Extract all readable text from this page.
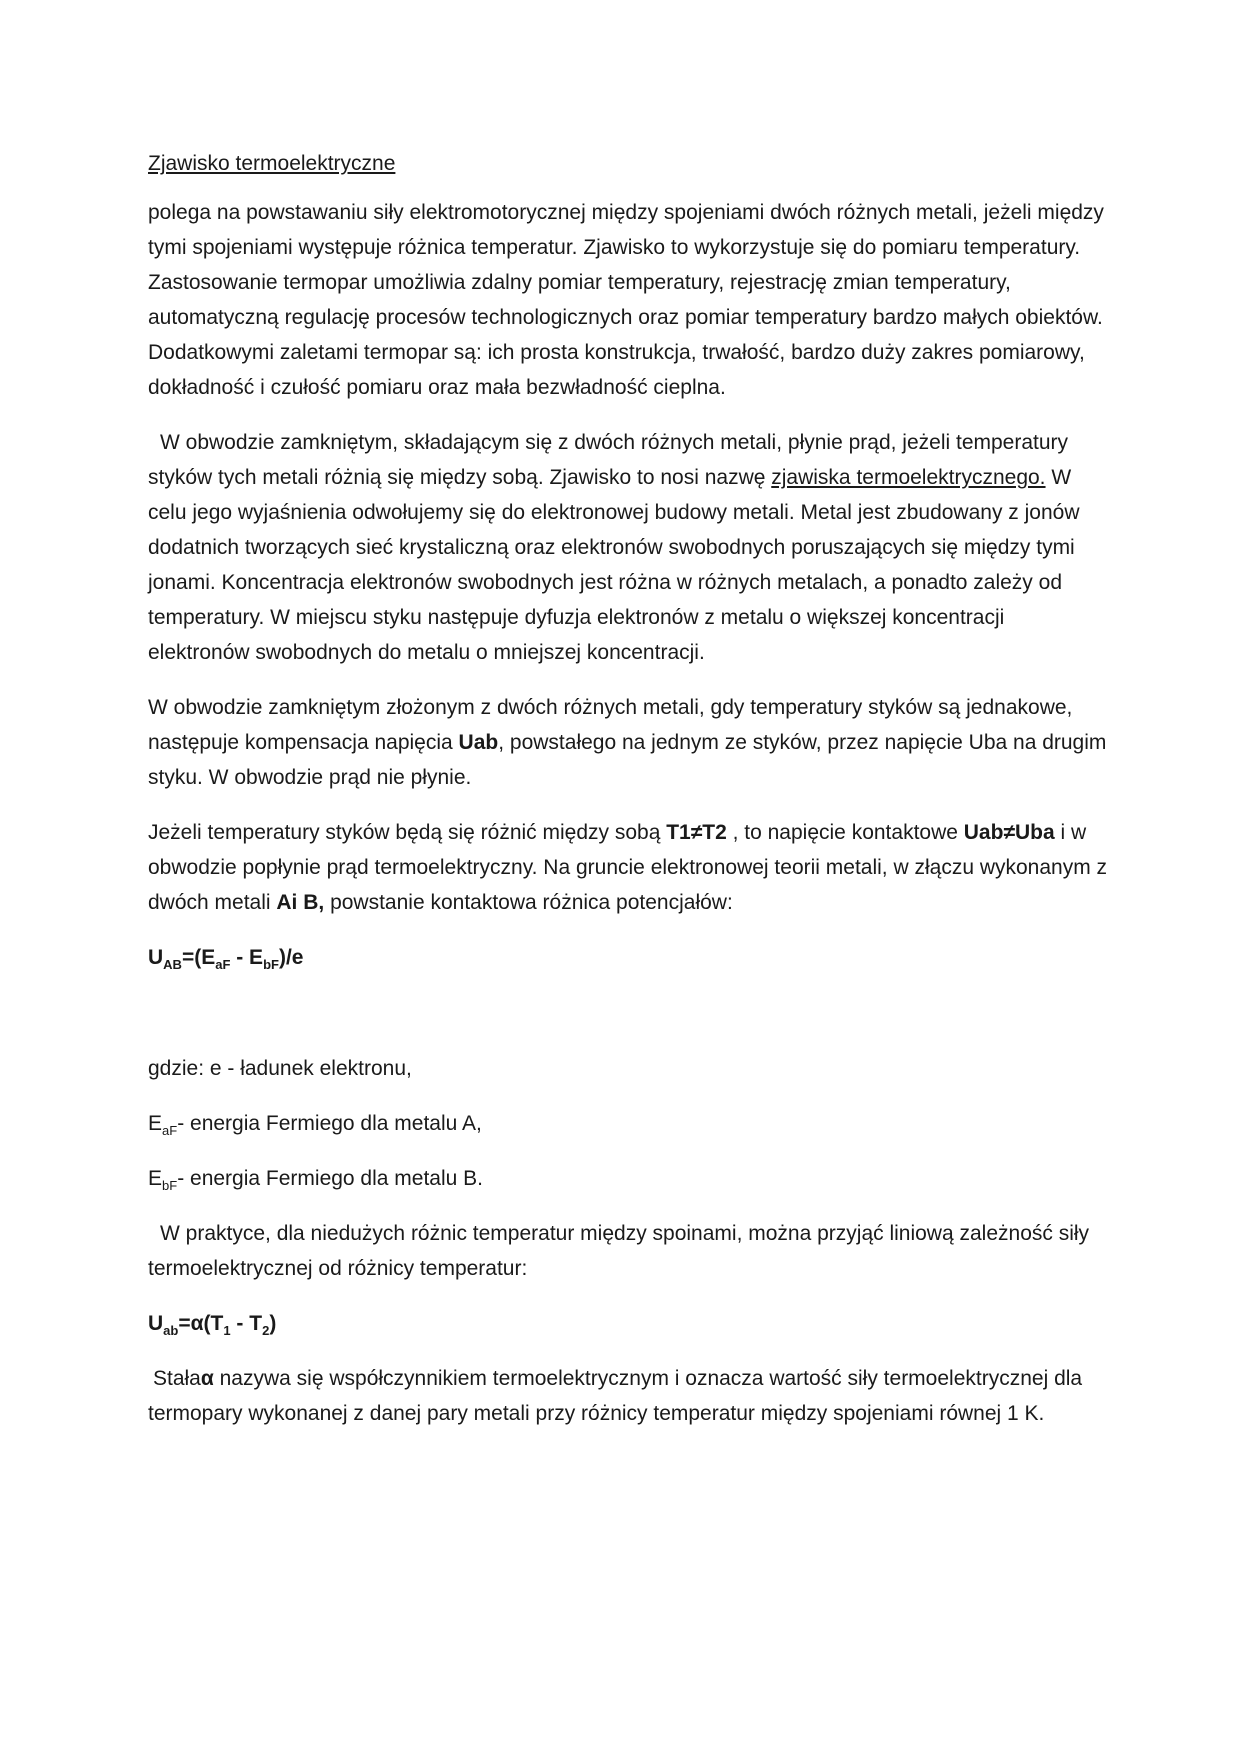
Zjawisko termoelektryczne

polega na powstawaniu siły elektromotorycznej między spojeniami dwóch różnych metali, jeżeli między tymi spojeniami występuje różnica temperatur. Zjawisko to wykorzystuje się do pomiaru temperatury. Zastosowanie termopar umożliwia zdalny pomiar temperatury, rejestrację zmian temperatury, automatyczną regulację procesów technologicznych oraz pomiar temperatury bardzo małych obiektów. Dodatkowymi zaletami termopar są: ich prosta konstrukcja, trwałość, bardzo duży zakres pomiarowy, dokładność i czułość pomiaru oraz mała bezwładność cieplna.

W obwodzie zamkniętym, składającym się z dwóch różnych metali, płynie prąd, jeżeli temperatury styków tych metali różnią się między sobą. Zjawisko to nosi nazwę zjawiska termoelektrycznego. W celu jego wyjaśnienia odwołujemy się do elektronowej budowy metali. Metal jest zbudowany z jonów dodatnich tworzących sieć krystaliczną oraz elektronów swobodnych poruszających się między tymi jonami. Koncentracja elektronów swobodnych jest różna w różnych metalach, a ponadto zależy od temperatury. W miejscu styku następuje dyfuzja elektronów z metalu o większej koncentracji elektronów swobodnych do metalu o mniejszej koncentracji.

W obwodzie zamkniętym złożonym z dwóch różnych metali, gdy temperatury styków są jednakowe, następuje kompensacja napięcia Uab, powstałego na jednym ze styków, przez napięcie Uba na drugim styku. W obwodzie prąd nie płynie.

Jeżeli temperatury styków będą się różnić między sobą T1≠T2 , to napięcie kontaktowe Uab≠Uba i w obwodzie popłynie prąd termoelektryczny. Na gruncie elektronowej teorii metali, w złączu wykonanym z dwóch metali Ai B, powstanie kontaktowa różnica potencjałów:

$U_{AB}=(E_{aF} - E_{bF})/e$

gdzie: e - ładunek elektronu,

$E_{aF}-$ energia Fermiego dla metalu A,

$E_{bF}-$ energia Fermiego dla metalu B.

W praktyce, dla niedużych różnic temperatur między spoinami, można przyjąć liniową zależność siły termoelektrycznej od różnicy temperatur:

$U_{ab}=\alpha(T_1 - T_2)$

Stałaα nazywa się współczynnikiem termoelektrycznym i oznacza wartość siły termoelektrycznej dla termopary wykonanej z danej pary metali przy różnicy temperatur między spojeniami równej 1 K.
